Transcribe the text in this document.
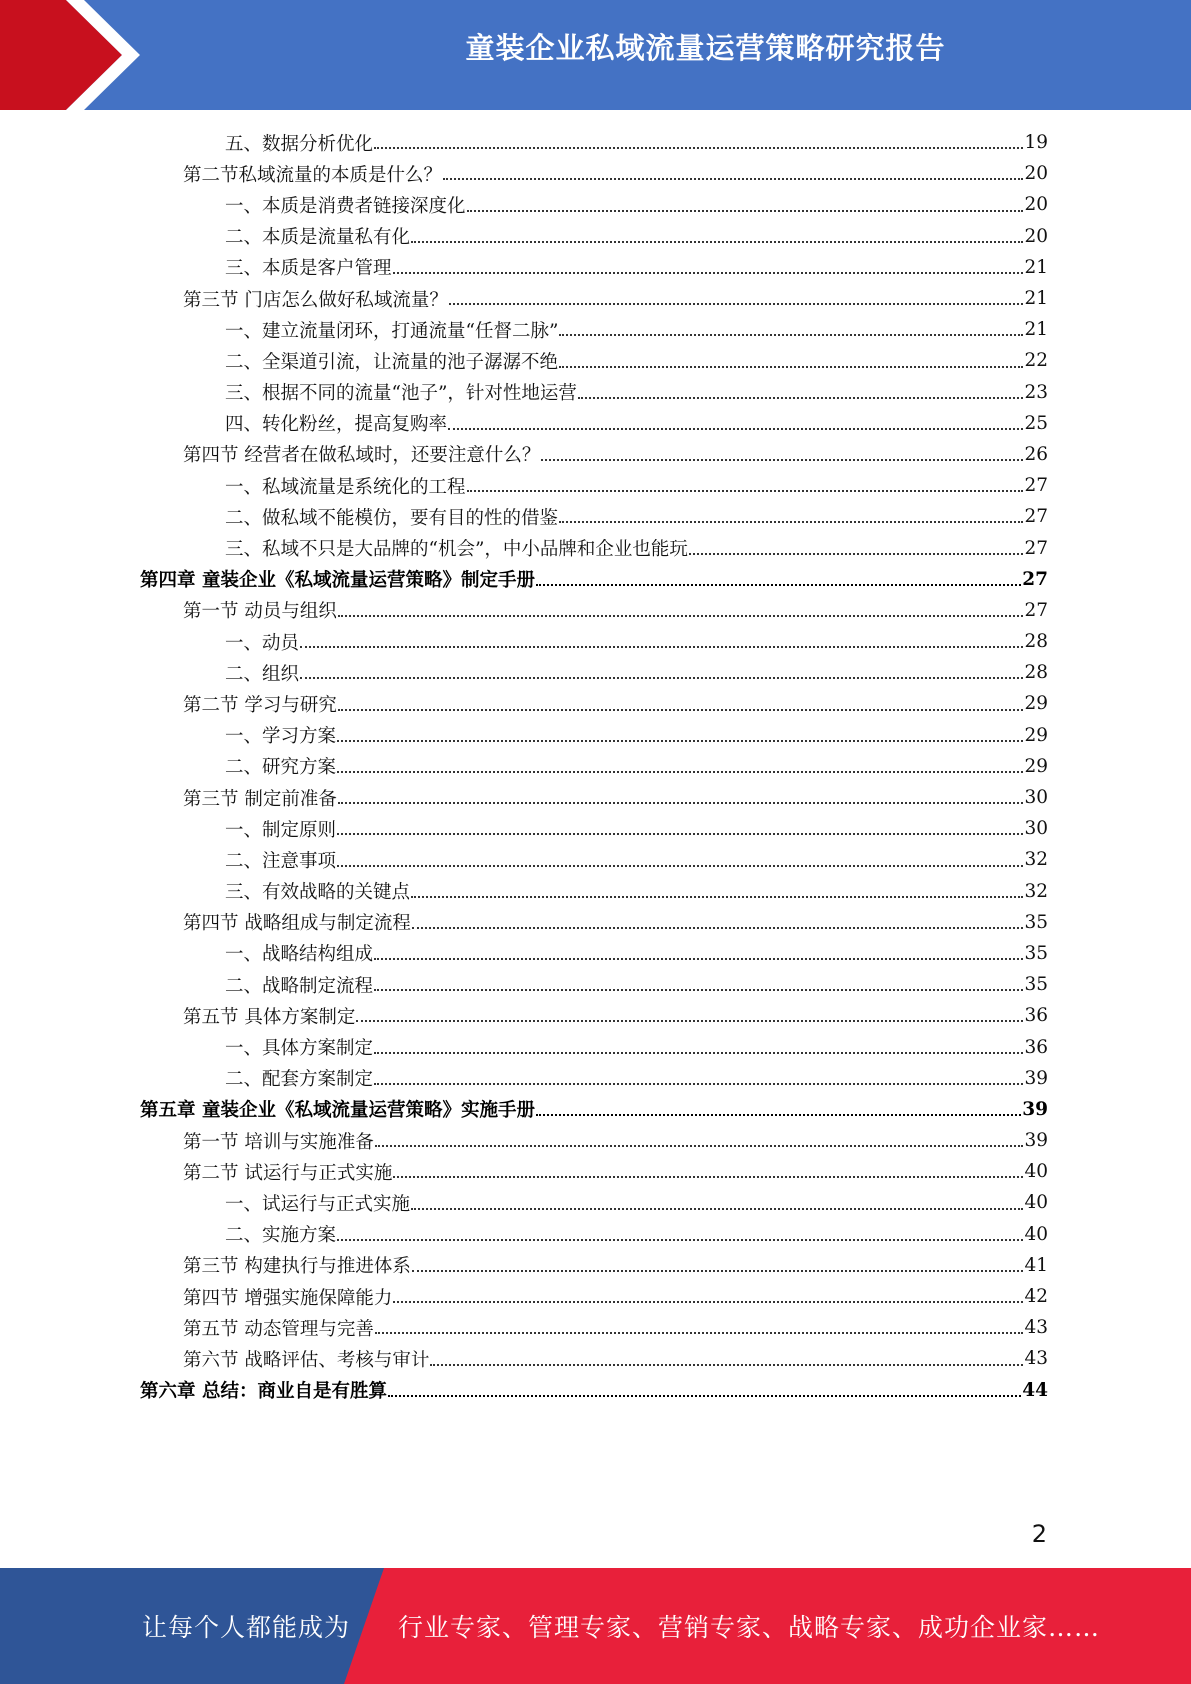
童装企业私域流量运营策略研究报告
五、数据分析优化	19
第二节私域流量的本质是什么？	20
一、本质是消费者链接深度化	20
二、本质是流量私有化	20
三、本质是客户管理	21
第三节 门店怎么做好私域流量？	21
一、建立流量闭环，打通流量“任督二脉”	21
二、全渠道引流，让流量的池子潺潺不绝	22
三、根据不同的流量“池子”，针对性地运营	23
四、转化粉丝，提高复购率	25
第四节 经营者在做私域时，还要注意什么？	26
一、私域流量是系统化的工程	27
二、做私域不能模仿，要有目的性的借鉴	27
三、私域不只是大品牌的“机会”，中小品牌和企业也能玩	27
第四章 童装企业《私域流量运营策略》制定手册	27
第一节 动员与组织	27
一、动员	28
二、组织	28
第二节 学习与研究	29
一、学习方案	29
二、研究方案	29
第三节 制定前准备	30
一、制定原则	30
二、注意事项	32
三、有效战略的关键点	32
第四节 战略组成与制定流程	35
一、战略结构组成	35
二、战略制定流程	35
第五节 具体方案制定	36
一、具体方案制定	36
二、配套方案制定	39
第五章 童装企业《私域流量运营策略》实施手册	39
第一节 培训与实施准备	39
第二节 试运行与正式实施	40
一、试运行与正式实施	40
二、实施方案	40
第三节 构建执行与推进体系	41
第四节 增强实施保障能力	42
第五节 动态管理与完善	43
第六节 战略评估、考核与审计	43
第六章 总结：商业自是有胜算	44
2
让每个人都能成为 行业专家、管理专家、营销专家、战略专家、成功企业家……
